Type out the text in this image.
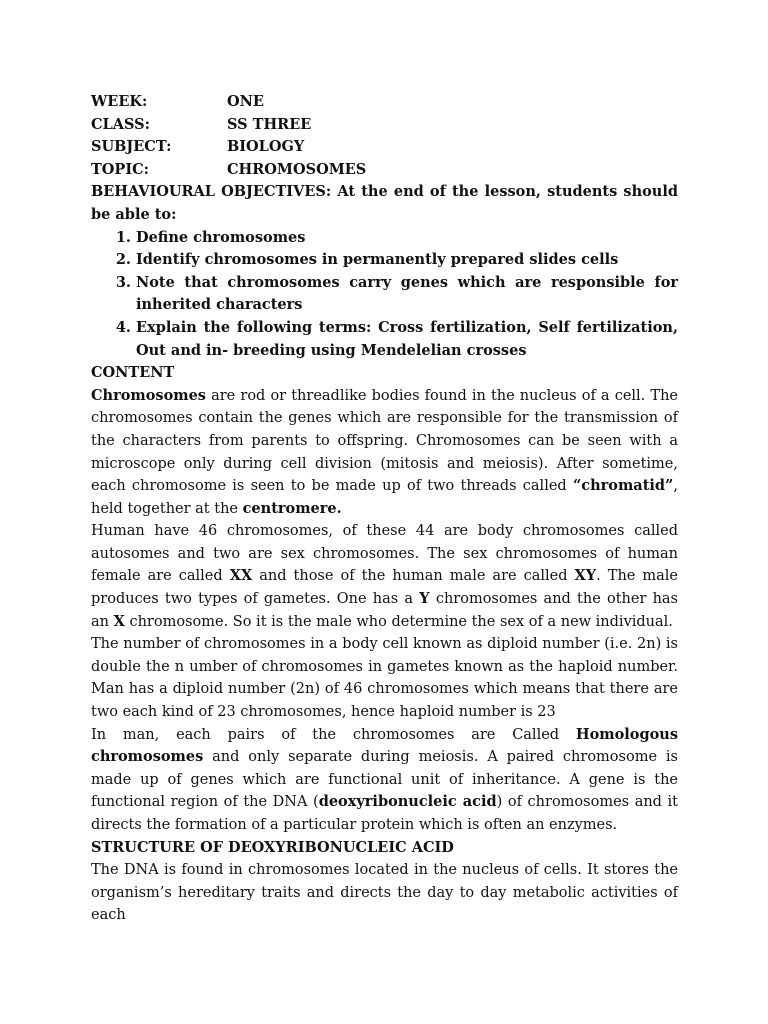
WEEK:	ONE
CLASS:	SS THREE
SUBJECT:	BIOLOGY
TOPIC:	CHROMOSOMES
BEHAVIOURAL OBJECTIVES: At the end of the lesson, students should be able to:
1. Define chromosomes
2. Identify chromosomes in permanently prepared slides cells
3. Note that chromosomes carry genes which are responsible for inherited characters
4. Explain the following terms: Cross fertilization, Self fertilization, Out and in- breeding using Mendelelian crosses
CONTENT

Chromosomes are rod or threadlike bodies found in the nucleus of a cell. The chromosomes contain the genes which are responsible for the transmission of the characters from parents to offspring. Chromosomes can be seen with a microscope only during cell division (mitosis and meiosis). After sometime, each chromosome is seen to be made up of two threads called “chromatid”, held together at the centromere.

Human have 46 chromosomes, of these 44 are body chromosomes called autosomes and two are sex chromosomes. The sex chromosomes of human female are called XX and those of the human male are called XY. The male produces two types of gametes. One has a Y chromosomes and the other has an X chromosome. So it is the male who determine the sex of a new individual.

The number of chromosomes in a body cell known as diploid number (i.e. 2n) is double the n umber of chromosomes in gametes known as the haploid number. Man has a diploid number (2n) of 46 chromosomes which means that there are two each kind of 23 chromosomes, hence haploid number is 23

In man, each pairs of the chromosomes are Called Homologous chromosomes and only separate during meiosis. A paired chromosome is made up of genes which are functional unit of inheritance. A gene is the functional region of the DNA (deoxyribonucleic acid) of chromosomes and it directs the formation of a particular protein which is often an enzymes.

STRUCTURE OF DEOXYRIBONUCLEIC ACID

The DNA is found in chromosomes located in the nucleus of cells. It stores the organism’s hereditary traits and directs the day to day metabolic activities of each
